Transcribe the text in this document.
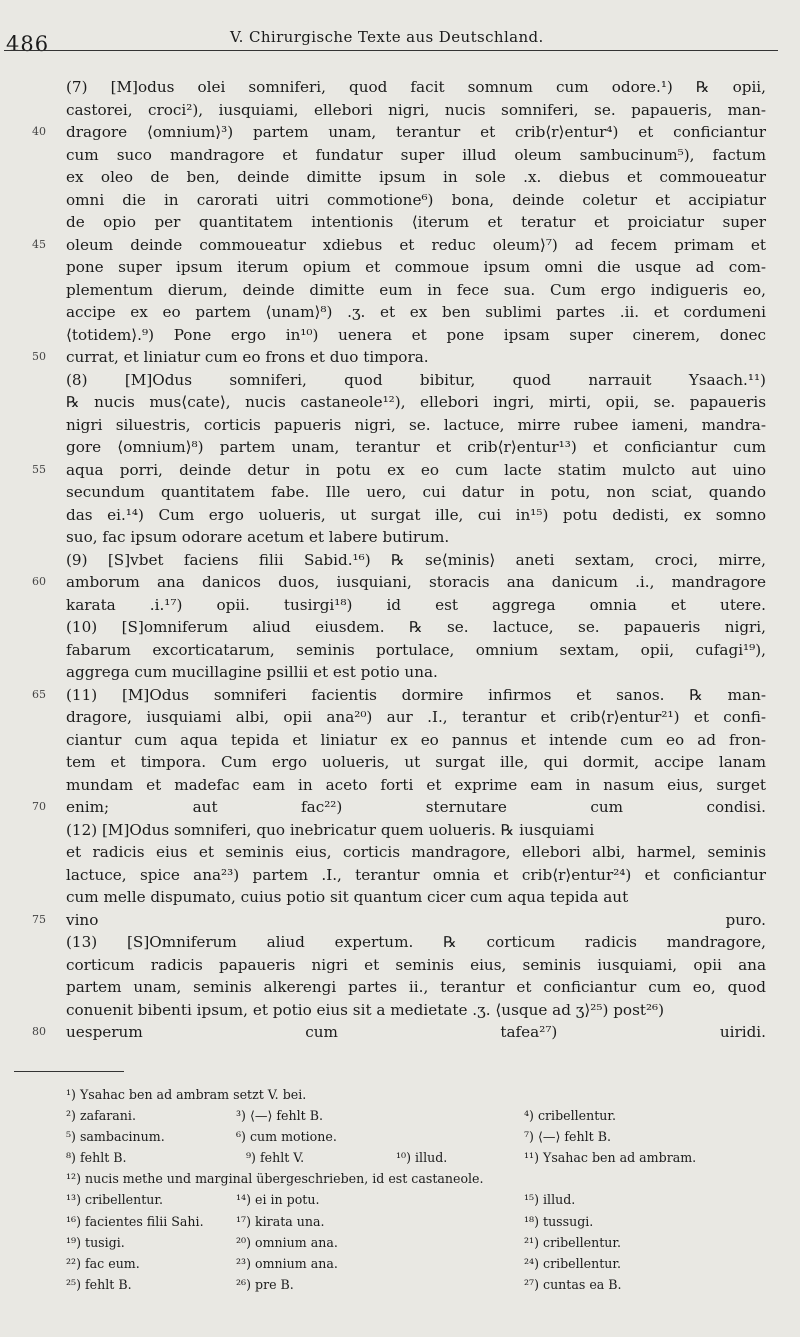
486	V. Chirurgische Texte aus Deutschland.
(7) [M]odus olei somniferi, quod facit somnum cum odore.¹) ℞ opii,
castorei, croci²), iusquiami, ellebori nigri, nucis somniferi, se. papaueris, man-
dragore ⟨omnium⟩³) partem unam, terantur et crib⟨r⟩entur⁴) et conficiantur
40
cum suco mandragore et fundatur super illud oleum sambucinum⁵), factum
ex oleo de ben, deinde dimitte ipsum in sole .x. diebus et commoueatur
omni die in carorati uitri commotione⁶) bona, deinde coletur et accipiatur
de opio per quantitatem intentionis ⟨iterum et teratur et proiciatur super
oleum deinde commoueatur xdiebus et reduc oleum⟩⁷) ad fecem primam et
45
pone super ipsum iterum opium et commoue ipsum omni die usque ad com-
plementum dierum, deinde dimitte eum in fece sua. Cum ergo indigueris eo,
accipe ex eo partem ⟨unam⟩⁸) .ʒ. et ex ben sublimi partes .ii. et cordumeni
⟨totidem⟩.⁹) Pone ergo in¹⁰) uenera et pone ipsam super cinerem, donec
currat, et liniatur cum eo frons et duo timpora.
50
(8) [M]Odus somniferi, quod bibitur, quod narrauit Ysaach.¹¹)
℞ nucis mus⟨cate⟩, nucis castaneole¹²), ellebori ingri, mirti, opii, se. papaueris
nigri siluestris, corticis papueris nigri, se. lactuce, mirre rubee iameni, mandra-
gore ⟨omnium⟩⁸) partem unam, terantur et crib⟨r⟩entur¹³) et conficiantur cum
aqua porri, deinde detur in potu ex eo cum lacte statim mulcto aut uino
55
secundum quantitatem fabe. Ille uero, cui datur in potu, non sciat, quando
das ei.¹⁴) Cum ergo uolueris, ut surgat ille, cui in¹⁵) potu dedisti, ex somno
suo, fac ipsum odorare acetum et labere butirum.
(9) [S]vbet faciens filii Sabid.¹⁶) ℞ se⟨minis⟩ aneti sextam, croci, mirre,
amborum ana danicos duos, iusquiani, storacis ana danicum .i., mandragore
60
karata .i.¹⁷) opii. tusirgi¹⁸) id est aggrega omnia et utere.
(10) [S]omniferum aliud eiusdem. ℞ se. lactuce, se. papaueris nigri,
fabarum excorticatarum, seminis portulace, omnium sextam, opii, cufagi¹⁹),
aggrega cum mucillagine psillii et est potio una.
(11) [M]Odus somniferi facientis dormire infirmos et sanos. ℞ man-
65
dragore, iusquiami albi, opii ana²⁰) aur .I., terantur et crib⟨r⟩entur²¹) et confi-
ciantur cum aqua tepida et liniatur ex eo pannus et intende cum eo ad fron-
tem et timpora. Cum ergo uolueris, ut surgat ille, qui dormit, accipe lanam
mundam et madefac eam in aceto forti et exprime eam in nasum eius, surget
enim; aut fac²²) sternutare cum condisi.
70
(12) [M]Odus somniferi, quo inebricatur quem uolueris. ℞ iusquiami
et radicis eius et seminis eius, corticis mandragore, ellebori albi, harmel, seminis
lactuce, spice ana²³) partem .I., terantur omnia et crib⟨r⟩entur²⁴) et conficiantur
cum melle dispumato, cuius potio sit quantum cicer cum aqua tepida aut
vino puro.
75
(13) [S]Omniferum aliud expertum. ℞ corticum radicis mandragore,
corticum radicis papaueris nigri et seminis eius, seminis iusquiami, opii ana
partem unam, seminis alkerengi partes ii., terantur et conficiantur cum eo, quod
conuenit bibenti ipsum, et potio eius sit a medietate .ʒ. ⟨usque ad ʒ⟩²⁵) post²⁶)
uesperum cum tafea²⁷) uiridi.
80
¹) Ysahac ben ad ambram setzt V. bei.
²) zafarani.	³) ⟨—⟩ fehlt B.	⁴) cribellentur.
⁵) sambacinum.	⁶) cum motione.	⁷) ⟨—⟩ fehlt B.
⁸) fehlt B.	⁹) fehlt V.	¹⁰) illud.	¹¹) Ysahac ben ad ambram.
¹²) nucis methe und marginal übergeschrieben, id est castaneole.
¹³) cribellentur.	¹⁴) ei in potu.	¹⁵) illud.
¹⁶) facientes filii Sahi.	¹⁷) kirata una.	¹⁸) tussugi.
¹⁹) tusigi.	²⁰) omnium ana.	²¹) cribellentur.
²²) fac eum.	²³) omnium ana.	²⁴) cribellentur.
²⁵) fehlt B.	²⁶) pre B.	²⁷) cuntas ea B.
